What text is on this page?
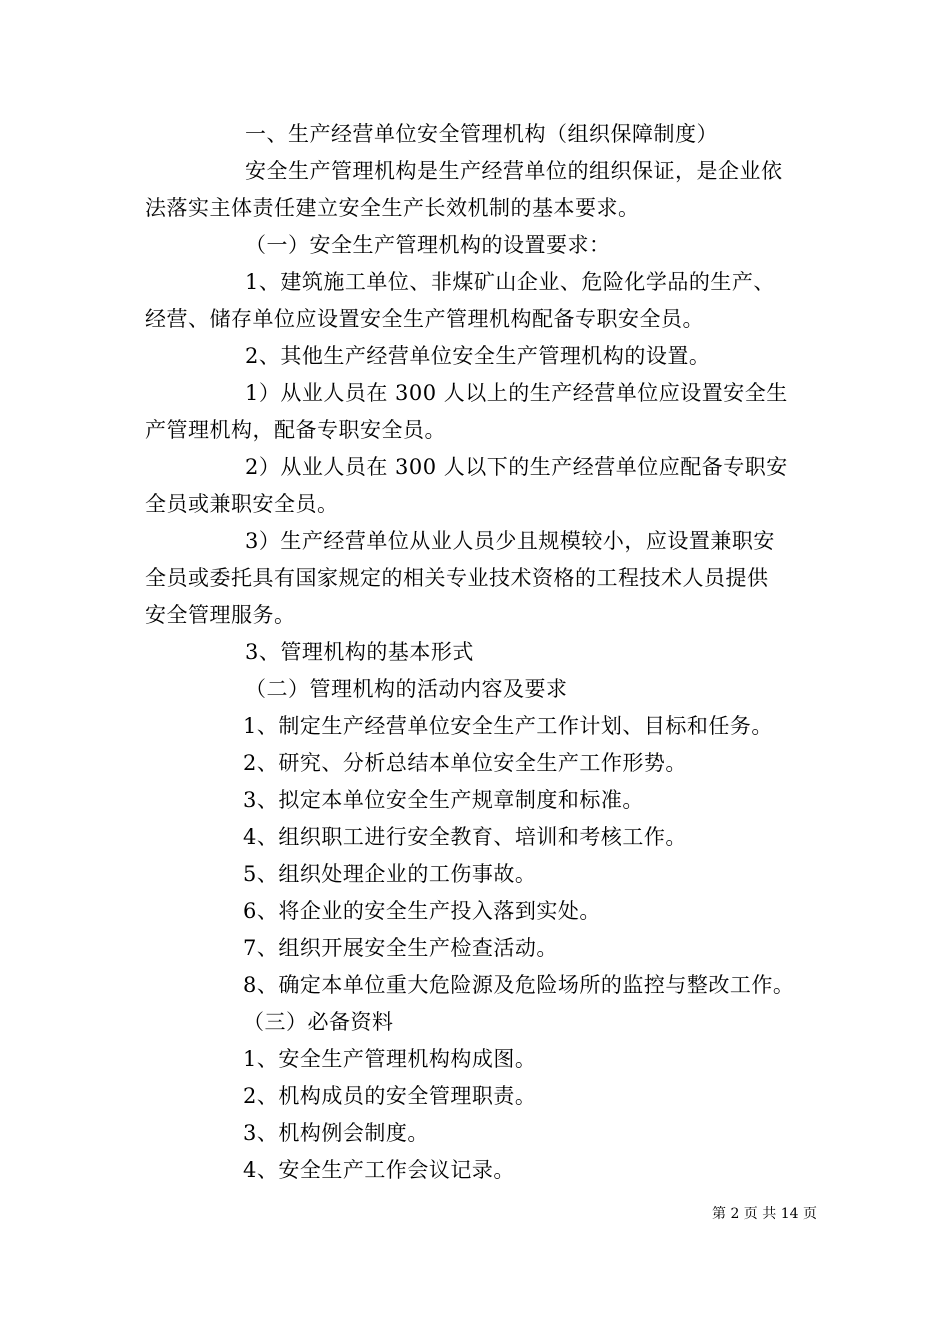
一、生产经营单位安全管理机构（组织保障制度）
安全生产管理机构是生产经营单位的组织保证，是企业依
法落实主体责任建立安全生产长效机制的基本要求。
（一）安全生产管理机构的设置要求：
1、建筑施工单位、非煤矿山企业、危险化学品的生产、
经营、储存单位应设置安全生产管理机构配备专职安全员。
2、其他生产经营单位安全生产管理机构的设置。
1）从业人员在 300 人以上的生产经营单位应设置安全生
产管理机构，配备专职安全员。
2）从业人员在 300 人以下的生产经营单位应配备专职安
全员或兼职安全员。
3）生产经营单位从业人员少且规模较小，应设置兼职安
全员或委托具有国家规定的相关专业技术资格的工程技术人员提供
安全管理服务。
3、管理机构的基本形式
（二）管理机构的活动内容及要求
1、制定生产经营单位安全生产工作计划、目标和任务。
2、研究、分析总结本单位安全生产工作形势。
3、拟定本单位安全生产规章制度和标准。
4、组织职工进行安全教育、培训和考核工作。
5、组织处理企业的工伤事故。
6、将企业的安全生产投入落到实处。
7、组织开展安全生产检查活动。
8、确定本单位重大危险源及危险场所的监控与整改工作。
（三）必备资料
1、安全生产管理机构构成图。
2、机构成员的安全管理职责。
3、机构例会制度。
4、安全生产工作会议记录。
第 2 页 共 14 页
